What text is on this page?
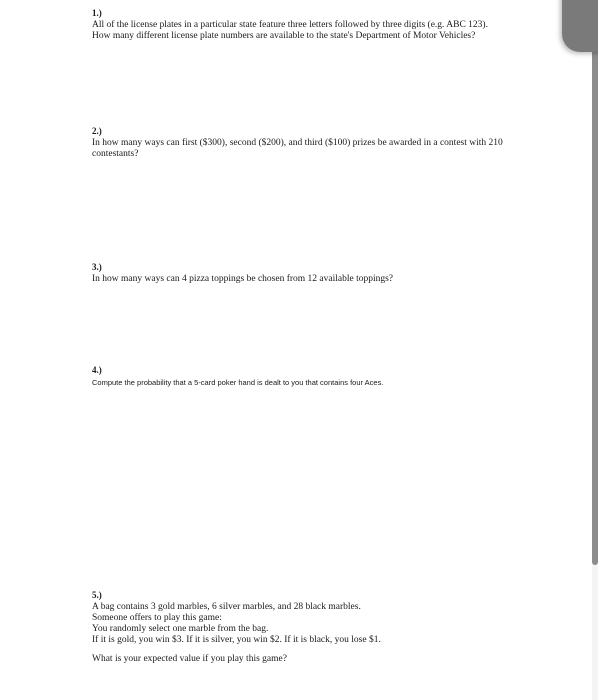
1.)
All of the license plates in a particular state feature three letters followed by three digits (e.g. ABC 123).
How many different license plate numbers are available to the state's Department of Motor Vehicles?
2.)
In how many ways can first ($300), second ($200), and third ($100) prizes be awarded in a contest with 210
contestants?
3.)
In how many ways can 4 pizza toppings be chosen from 12 available toppings?
4.)
Compute the probability that a 5-card poker hand is dealt to you that contains four Aces.
5.)
A bag contains 3 gold marbles, 6 silver marbles, and 28 black marbles.
Someone offers to play this game:
You randomly select one marble from the bag.
If it is gold, you win $3. If it is silver, you win $2. If it is black, you lose $1.
What is your expected value if you play this game?
